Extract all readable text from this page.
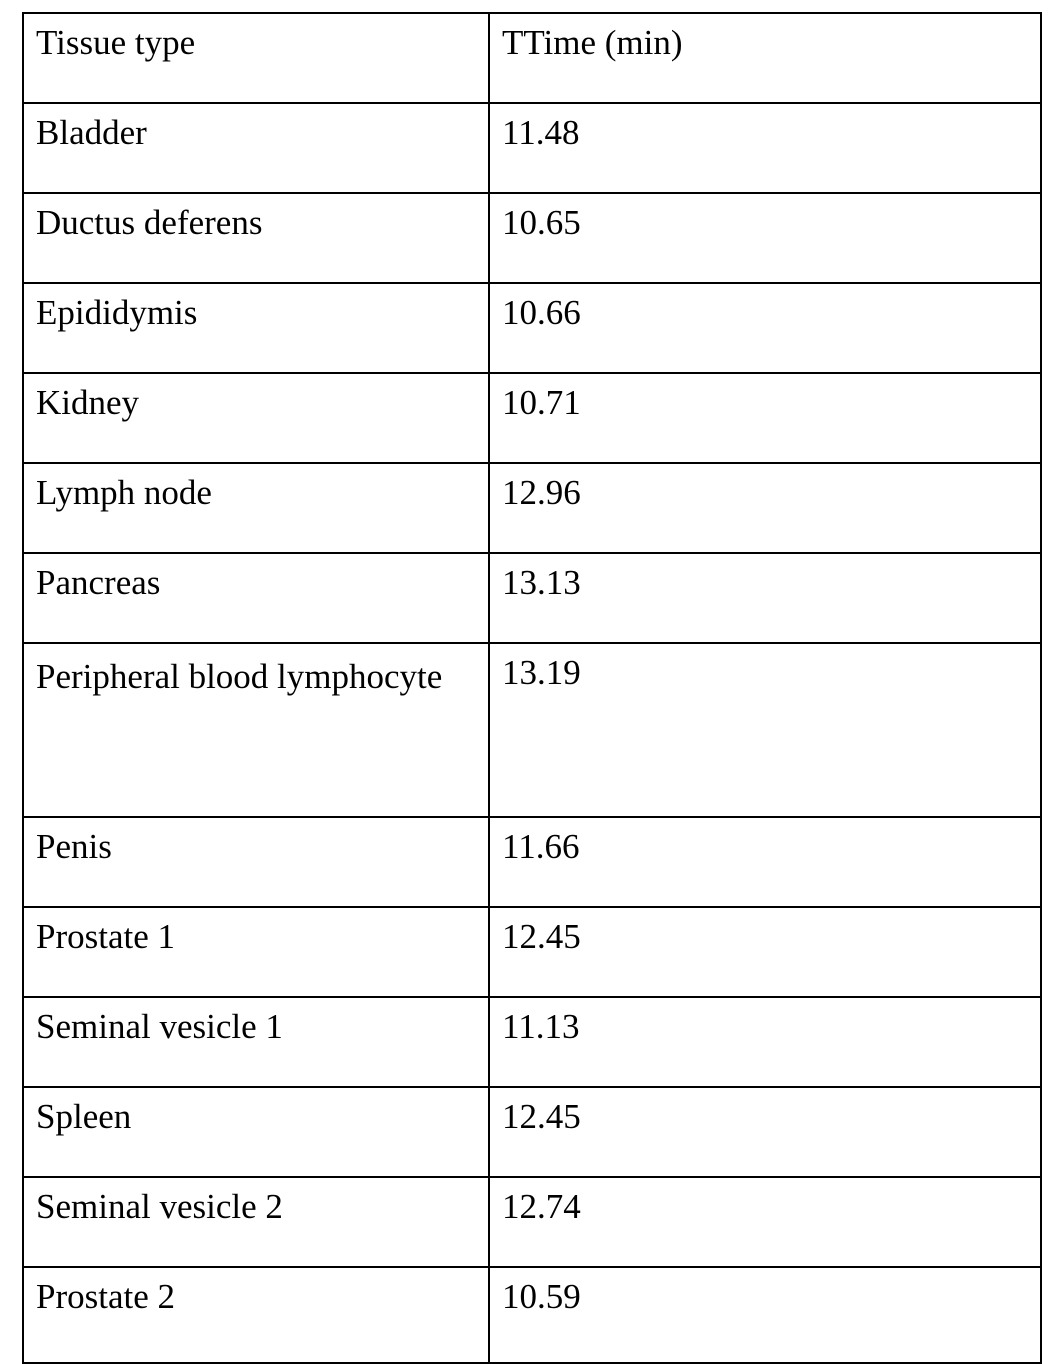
Tissue type	TTime (min)

Bladder	11.48

Ductus deferens	10.65

Epididymis	10.66

Kidney	10.71

Lymph node	12.96

Pancreas	13.13

Peripheral blood lymphocyte	13.19

Penis	11.66

Prostate 1	12.45

Seminal vesicle 1	11.13

Spleen	12.45

Seminal vesicle 2	12.74

Prostate 2	10.59
